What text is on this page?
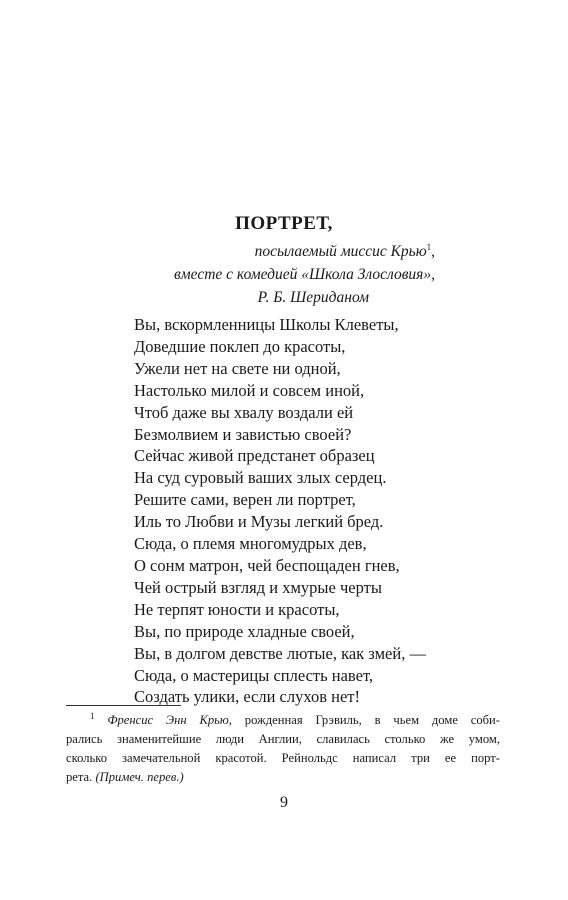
ПОРТРЕТ,
посылаемый миссис Крью$^1$,
вместе с комедией «Школа Злословия»,
Р. Б. Шериданом
Вы, вскормленницы Школы Клеветы,
Доведшие поклеп до красоты,
Ужели нет на свете ни одной,
Настолько милой и совсем иной,
Чтоб даже вы хвалу воздали ей
Безмолвием и завистью своей?
Сейчас живой предстанет образец
На суд суровый ваших злых сердец.
Решите сами, верен ли портрет,
Иль то Любви и Музы легкий бред.
Сюда, о племя многомудрых дев,
О сонм матрон, чей беспощаден гнев,
Чей острый взгляд и хмурые черты
Не терпят юности и красоты,
Вы, по природе хладные своей,
Вы, в долгом девстве лютые, как змей, —
Сюда, о мастерицы сплесть навет,
Создать улики, если слухов нет!
$^1$ Френсис Энн Крью, рожденная Грэвиль, в чьем доме соби-
рались знаменитейшие люди Англии, славилась столько же умом,
сколько замечательной красотой. Рейнольдс написал три ее порт-
рета. (Примеч. перев.)
9
